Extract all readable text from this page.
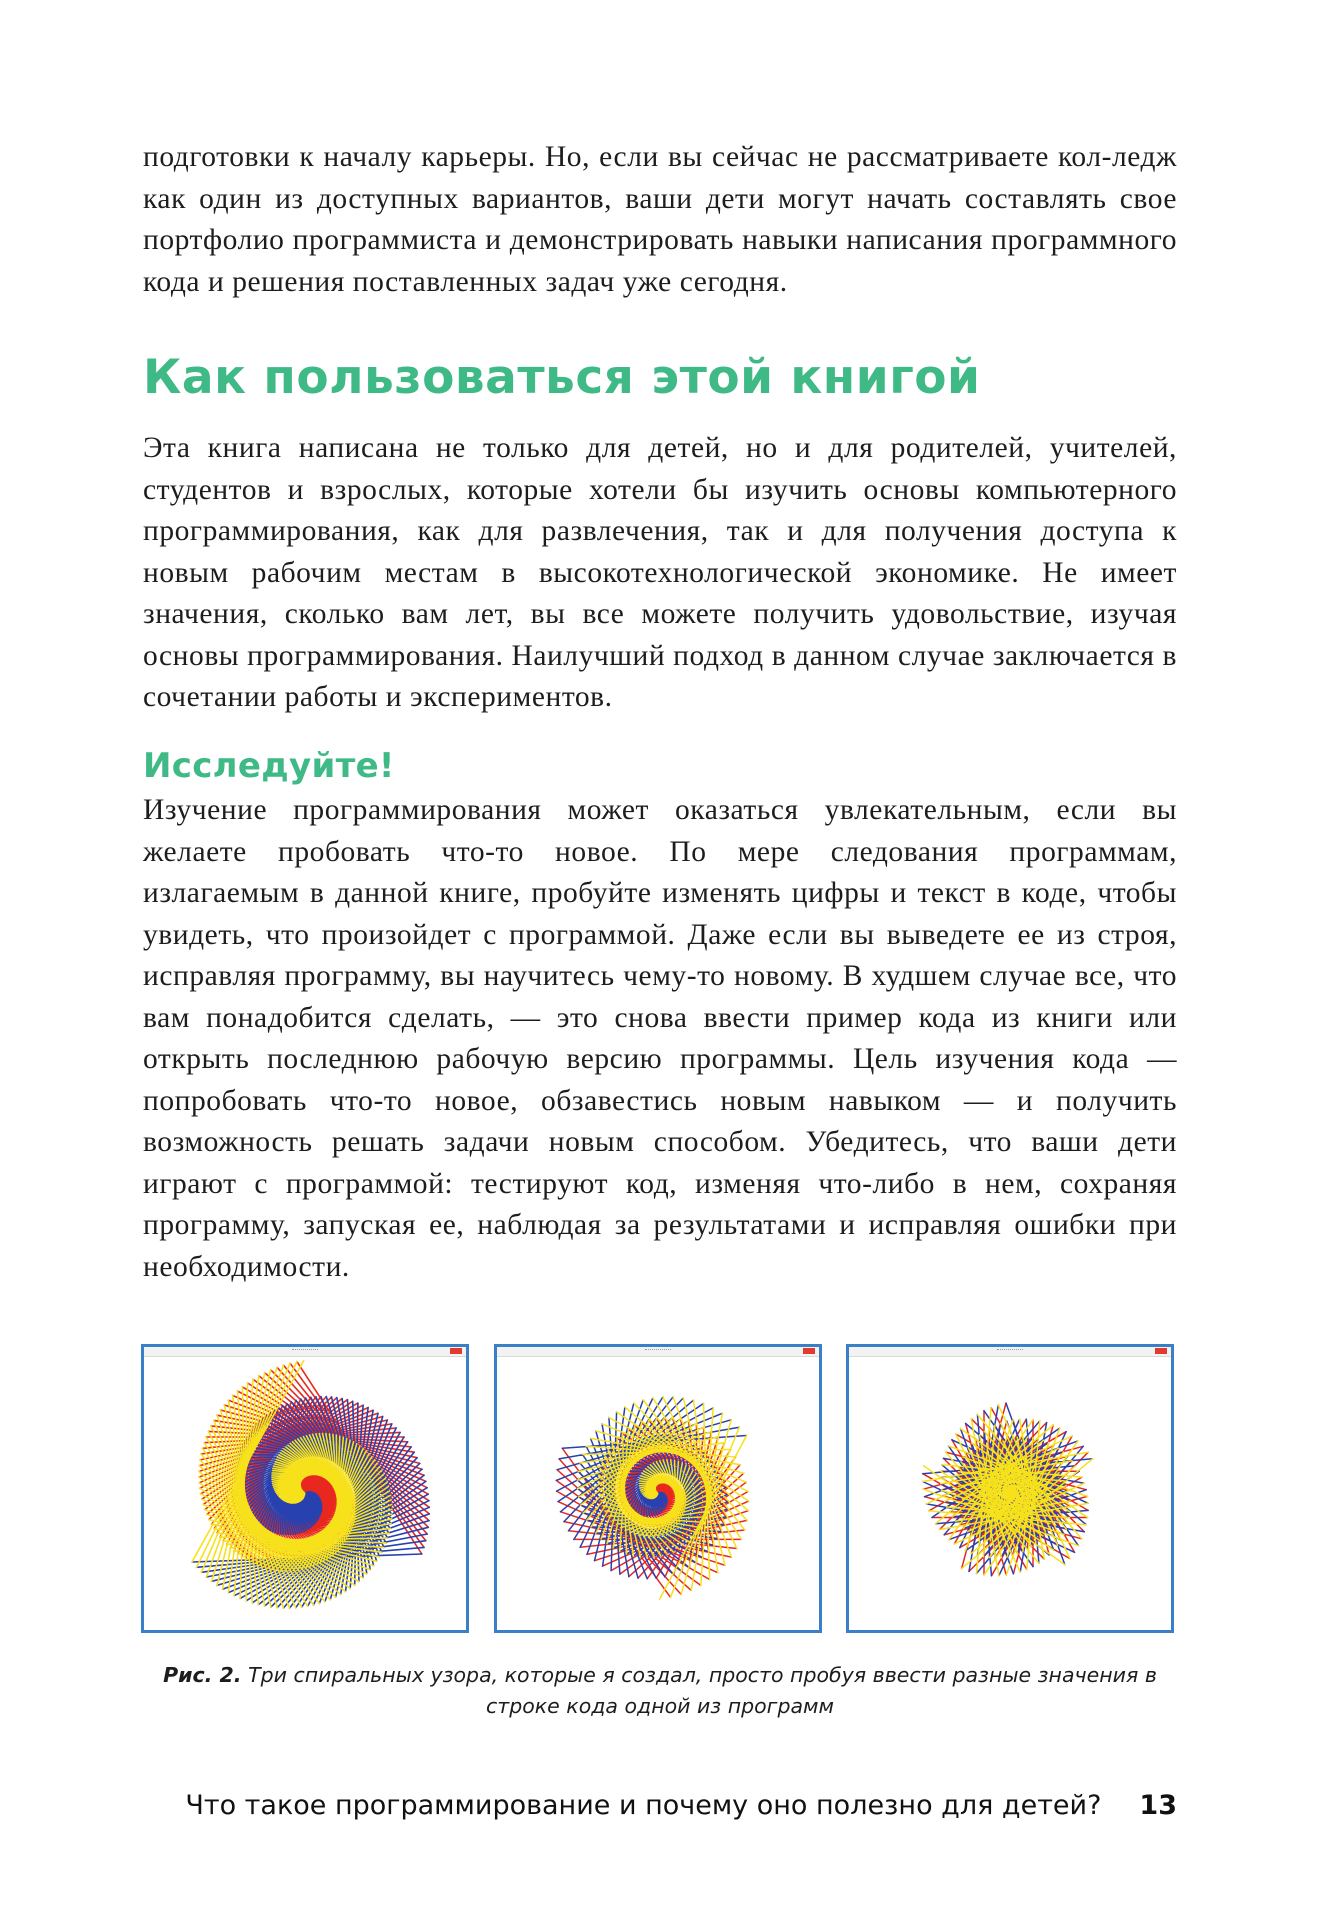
подготовки к началу карьеры. Но, если вы сейчас не рассматриваете кол-ледж как один из доступных вариантов, ваши дети могут начать составлять свое портфолио программиста и демонстрировать навыки написания программного кода и решения поставленных задач уже сегодня.

Как пользоваться этой книгой

Эта книга написана не только для детей, но и для родителей, учителей, студентов и взрослых, которые хотели бы изучить основы компьютерного программирования, как для развлечения, так и для получения доступа к новым рабочим местам в высокотехнологической экономике. Не имеет значения, сколько вам лет, вы все можете получить удовольствие, изучая основы программирования. Наилучший подход в данном случае заключается в сочетании работы и экспериментов.

Исследуйте!

Изучение программирования может оказаться увлекательным, если вы желаете пробовать что-то новое. По мере следования программам, излагаемым в данной книге, пробуйте изменять цифры и текст в коде, чтобы увидеть, что произойдет с программой. Даже если вы выведете ее из строя, исправляя программу, вы научитесь чему-то новому. В худшем случае все, что вам понадобится сделать, — это снова ввести пример кода из книги или открыть последнюю рабочую версию программы. Цель изучения кода — попробовать что-то новое, обзавестись новым навыком — и получить возможность решать задачи новым способом. Убедитесь, что ваши дети играют с программой: тестируют код, изменяя что-либо в нем, сохраняя программу, запуская ее, наблюдая за результатами и исправляя ошибки при необходимости.

Рис. 2. Три спиральных узора, которые я создал, просто пробуя ввести разные значения в строке кода одной из программ

Что такое программирование и почему оно полезно для детей? 13
